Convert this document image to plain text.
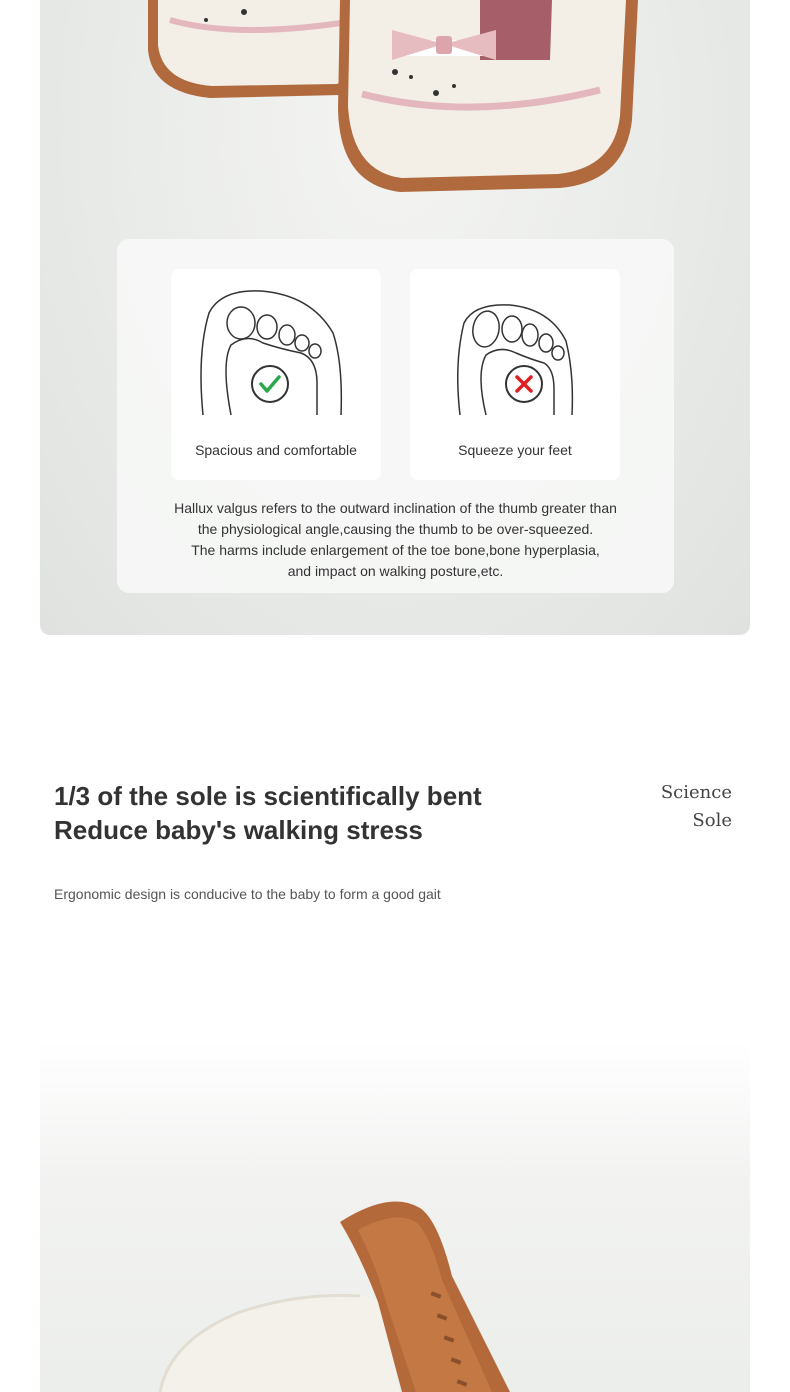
Spacious and comfortable	Squeeze your feet

Hallux valgus refers to the outward inclination of the thumb greater than

the physiological angle,causing the thumb to be over-squeezed.

The harms include enlargement of the toe bone,bone hyperplasia,

and impact on walking posture,etc.

1/3 of the sole is scientifically bent

Reduce baby's walking stress

Science

Sole

Ergonomic design is conducive to the baby to form a good gait
